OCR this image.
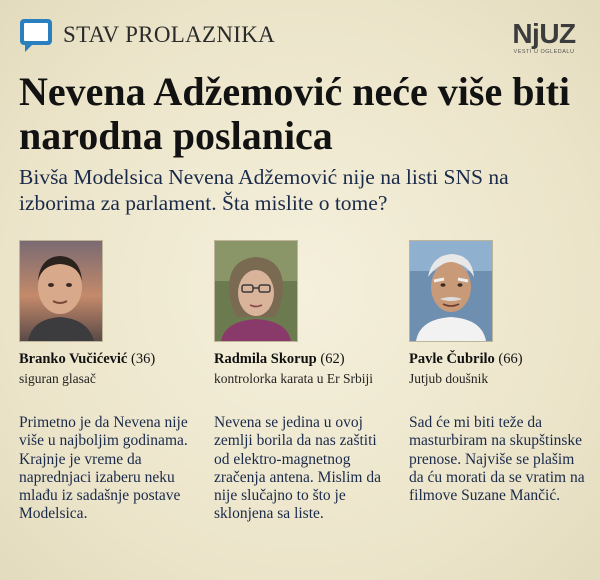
STAV PROLAZNIKA	NjUZ
VESTI U OGLEDALU
Nevena Adžemović neće više biti narodna poslanica

Bivša Modelsica Nevena Adžemović nije na listi SNS na izborima za parlament. Šta mislite o tome?

Branko Vučićević (36)
siguran glasač
Radmila Skorup (62)
kontrolorka karata u Er Srbiji
Pavle Čubrilo (66)
Jutjub doušnik
Primetno je da Nevena nije više u najboljim godinama. Krajnje je vreme da naprednjaci izaberu neku mlađu iz sadašnje postave Modelsica.
Nevena se jedina u ovoj zemlji borila da nas zaštiti od elektro-magnetnog zračenja antena. Mislim da nije slučajno to što je sklonjena sa liste.
Sad će mi biti teže da masturbiram na skupštinske prenose. Najviše se plašim da ću morati da se vratim na filmove Suzane Mančić.
